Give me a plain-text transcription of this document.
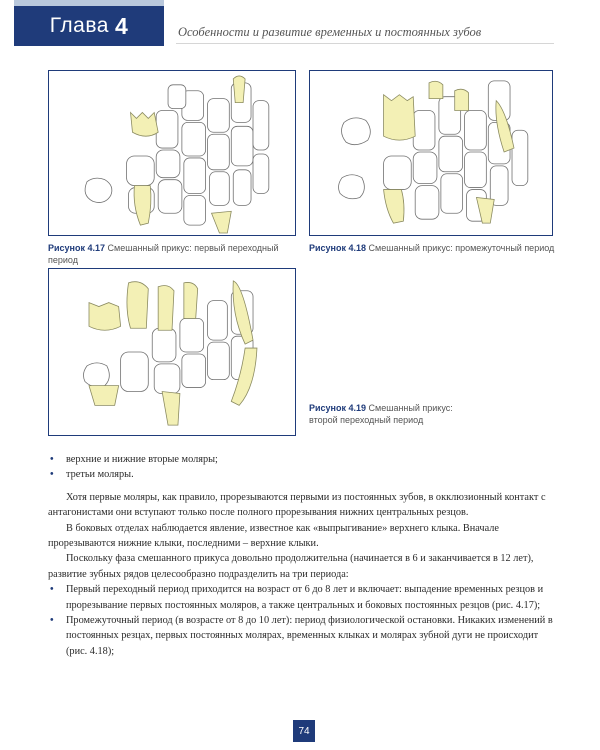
Глава 4	Особенности и развитие временных и постоянных зубов
Рисунок 4.17 Смешанный прикус: первый переходный период
Рисунок 4.18 Смешанный прикус: промежуточный период
Рисунок 4.19 Смешанный прикус: второй переходный период

• верхние и нижние вторые моляры;

• третьи моляры.

Хотя первые моляры, как правило, прорезываются первыми из постоянных зубов, в окклюзионный контакт с антагонистами они вступают только после полного прорезывания нижних центральных резцов.

В боковых отделах наблюдается явление, известное как «выпрыгивание» верхнего клыка. Вначале прорезываются нижние клыки, последними – верхние клыки.

Поскольку фаза смешанного прикуса довольно продолжительна (начинается в 6 и заканчивается в 12 лет), развитие зубных рядов целесообразно подразделить на три периода:

• Первый переходный период приходится на возраст от 6 до 8 лет и включает: выпадение временных резцов и прорезывание первых постоянных моляров, а также центральных и боковых постоянных резцов (рис. 4.17);

• Промежуточный период (в возрасте от 8 до 10 лет): период физиологической остановки. Никаких изменений в постоянных резцах, первых постоянных молярах, временных клыках и молярах зубной дуги не происходит (рис. 4.18);

74
